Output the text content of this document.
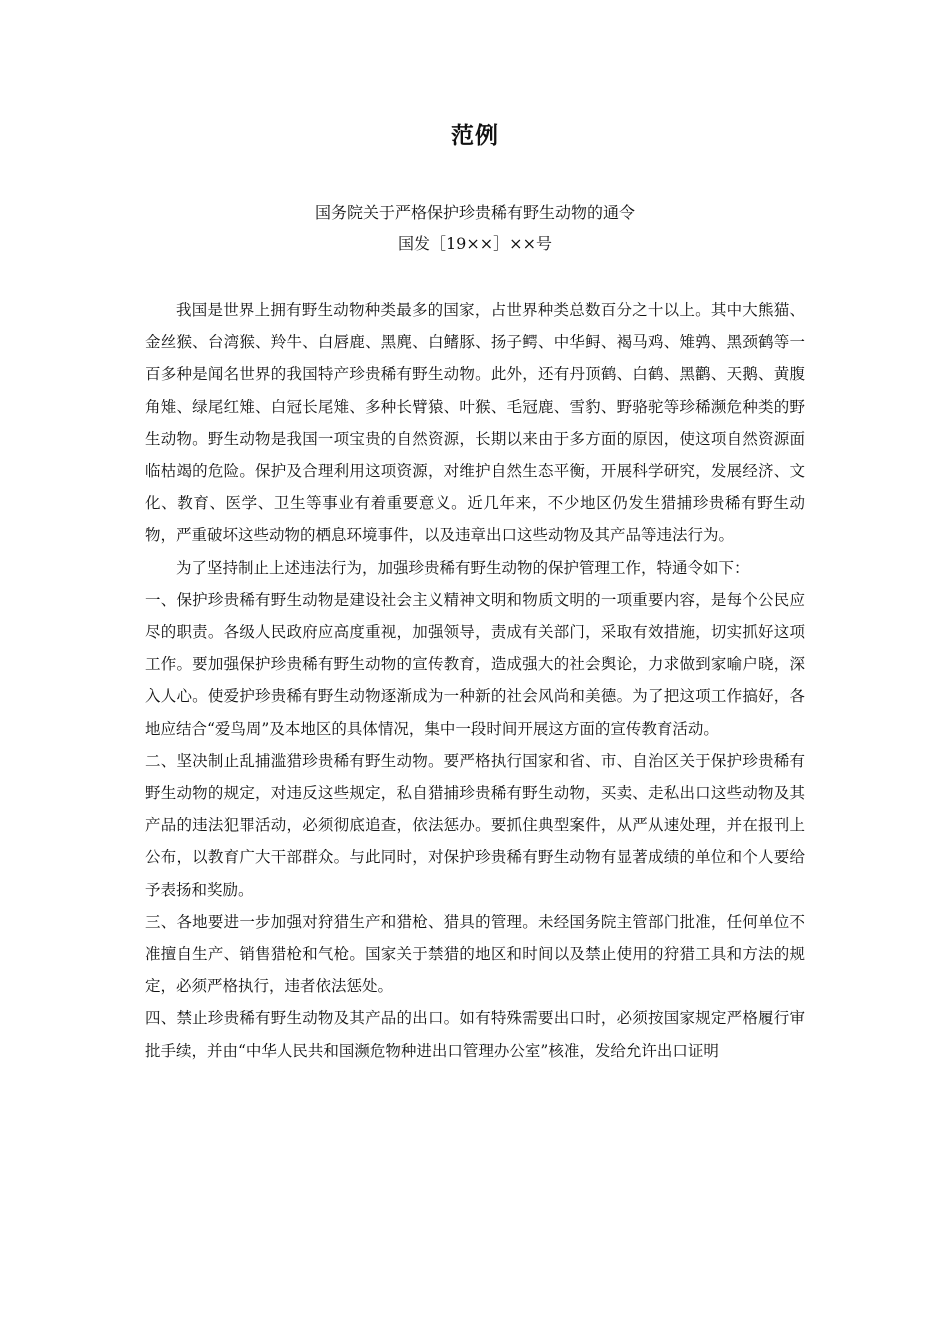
范例
国务院关于严格保护珍贵稀有野生动物的通令
国发［19××］××号

我国是世界上拥有野生动物种类最多的国家，占世界种类总数百分之十以上。其中大熊猫、金丝猴、台湾猴、羚牛、白唇鹿、黑麂、白鳍豚、扬子鳄、中华鲟、褐马鸡、雉鹑、黑颈鹤等一百多种是闻名世界的我国特产珍贵稀有野生动物。此外，还有丹顶鹤、白鹤、黑鹳、天鹅、黄腹角雉、绿尾红雉、白冠长尾雉、多种长臂猿、叶猴、毛冠鹿、雪豹、野骆驼等珍稀濒危种类的野生动物。野生动物是我国一项宝贵的自然资源，长期以来由于多方面的原因，使这项自然资源面临枯竭的危险。保护及合理利用这项资源，对维护自然生态平衡，开展科学研究，发展经济、文化、教育、医学、卫生等事业有着重要意义。近几年来，不少地区仍发生猎捕珍贵稀有野生动物，严重破坏这些动物的栖息环境事件，以及违章出口这些动物及其产品等违法行为。

为了坚持制止上述违法行为，加强珍贵稀有野生动物的保护管理工作，特通令如下：

一、保护珍贵稀有野生动物是建设社会主义精神文明和物质文明的一项重要内容，是每个公民应尽的职责。各级人民政府应高度重视，加强领导，责成有关部门，采取有效措施，切实抓好这项工作。要加强保护珍贵稀有野生动物的宣传教育，造成强大的社会舆论，力求做到家喻户晓，深入人心。使爱护珍贵稀有野生动物逐渐成为一种新的社会风尚和美德。为了把这项工作搞好，各地应结合“爱鸟周”及本地区的具体情况，集中一段时间开展这方面的宣传教育活动。

二、坚决制止乱捕滥猎珍贵稀有野生动物。要严格执行国家和省、市、自治区关于保护珍贵稀有野生动物的规定，对违反这些规定，私自猎捕珍贵稀有野生动物，买卖、走私出口这些动物及其产品的违法犯罪活动，必须彻底追查，依法惩办。要抓住典型案件，从严从速处理，并在报刊上公布，以教育广大干部群众。与此同时，对保护珍贵稀有野生动物有显著成绩的单位和个人要给予表扬和奖励。

三、各地要进一步加强对狩猎生产和猎枪、猎具的管理。未经国务院主管部门批准，任何单位不准擅自生产、销售猎枪和气枪。国家关于禁猎的地区和时间以及禁止使用的狩猎工具和方法的规定，必须严格执行，违者依法惩处。

四、禁止珍贵稀有野生动物及其产品的出口。如有特殊需要出口时，必须按国家规定严格履行审批手续，并由“中华人民共和国濒危物种进出口管理办公室”核准，发给允许出口证明
